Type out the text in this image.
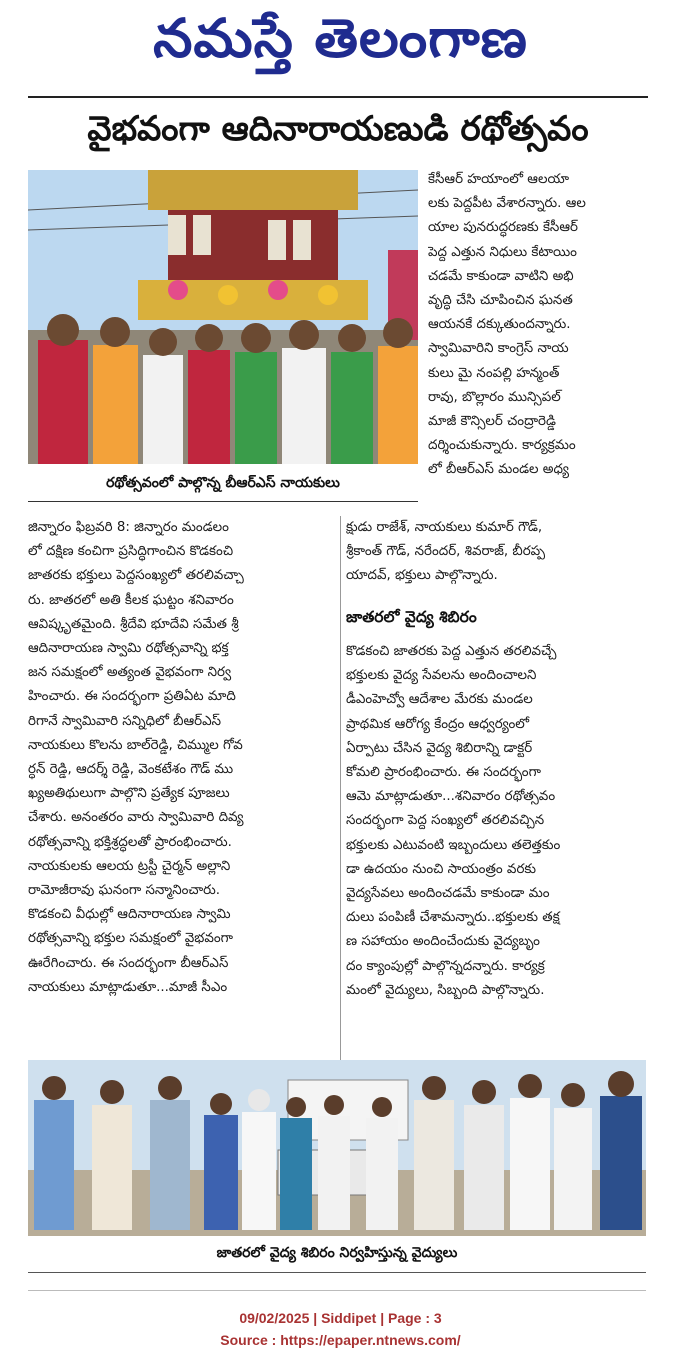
నమస్తే తెలంగాణ
వైభవంగా ఆదినారాయణుడి రథోత్సవం
రథోత్సవంలో పాల్గొన్న బీఆర్ఎస్ నాయకులు

కేసీఆర్ హయాంలో ఆలయా

లకు పెద్దపీట వేశారన్నారు. ఆల

యాల పునరుద్ధరణకు కేసీఆర్

పెద్ద ఎత్తున నిధులు కేటాయిం

చడమే కాకుండా వాటిని అభి

వృద్ధి చేసి చూపించిన ఘనత

ఆయనకే దక్కుతుందన్నారు.

స్వామివారిని కాంగ్రెస్ నాయ

కులు మై నంపల్లి హన్మంత్

రావు, బొల్లారం మున్సిపల్

మాజీ కౌన్సిలర్ చంద్రారెడ్డి

దర్శించుకున్నారు. కార్యక్రమం

లో బీఆర్ఎస్ మండల అధ్య

జిన్నారం ఫిబ్రవరి 8: జిన్నారం మండలం

లో దక్షిణ కంచిగా ప్రసిద్ధిగాంచిన కొడకంచి

జాతరకు భక్తులు పెద్దసంఖ్యలో తరలివచ్చా

రు. జాతరలో అతి కీలక ఘట్టం శనివారం

ఆవిష్కృతమైంది. శ్రీదేవి భూదేవి సమేత శ్రీ

ఆదినారాయణ స్వామి రథోత్సవాన్ని భక్త

జన సమక్షంలో అత్యంత వైభవంగా నిర్వ

హించారు. ఈ సందర్భంగా ప్రతిఏట మాది

రిగానే స్వామివారి సన్నిధిలో బీఆర్ఎస్

నాయకులు కొలను బాల్‌రెడ్డి, చిమ్ముల గోవ

ర్ధన్ రెడ్డి, ఆదర్శ్ రెడ్డి, వెంకటేశం గౌడ్ ము

ఖ్యఅతిథులుగా పాల్గొని ప్రత్యేక పూజలు

చేశారు. అనంతరం వారు స్వామివారి దివ్య

రథోత్సవాన్ని భక్తిశ్రద్ధలతో ప్రారంభించారు.

నాయకులకు ఆలయ ట్రస్టీ చైర్మన్ అల్లాని

రామోజీరావు ఘనంగా సన్మానించారు.

కొడకంచి వీధుల్లో ఆదినారాయణ స్వామి

రథోత్సవాన్ని భక్తుల సమక్షంలో వైభవంగా

ఊరేగించారు. ఈ సందర్భంగా బీఆర్ఎస్

నాయకులు మాట్లాడుతూ...మాజీ సీఎం

క్షుడు రాజేశ్, నాయకులు కుమార్ గౌడ్,

శ్రీకాంత్ గౌడ్, నరేందర్, శివరాజ్, బీరప్ప

యాదవ్, భక్తులు పాల్గొన్నారు.

జాతరలో వైద్య శిబిరం

కొడకంచి జాతరకు పెద్ద ఎత్తున తరలివచ్చే

భక్తులకు వైద్య సేవలను అందించాలని

డీఎంహెచ్వో ఆదేశాల మేరకు మండల

ప్రాథమిక ఆరోగ్య కేంద్రం ఆధ్వర్యంలో

ఏర్పాటు చేసిన వైద్య శిబిరాన్ని డాక్టర్

కోమలి ప్రారంభించారు. ఈ సందర్భంగా

ఆమె మాట్లాడుతూ...శనివారం రథోత్సవం

సందర్భంగా పెద్ద సంఖ్యలో తరలివచ్చిన

భక్తులకు ఎటువంటి ఇబ్బందులు తలెత్తకుం

డా ఉదయం నుంచి సాయంత్రం వరకు

వైద్యసేవలు అందించడమే కాకుండా మం

దులు పంపిణీ చేశామన్నారు..భక్తులకు తక్ష

ణ సహాయం అందించేందుకు వైద్యబృం

దం క్యాంపుల్లో పాల్గొన్నదన్నారు. కార్యక్ర

మంలో వైద్యులు, సిబ్బంది పాల్గొన్నారు.

జాతరలో వైద్య శిబిరం నిర్వహిస్తున్న వైద్యులు
09/02/2025 | Siddipet | Page : 3
Source : https://epaper.ntnews.com/
